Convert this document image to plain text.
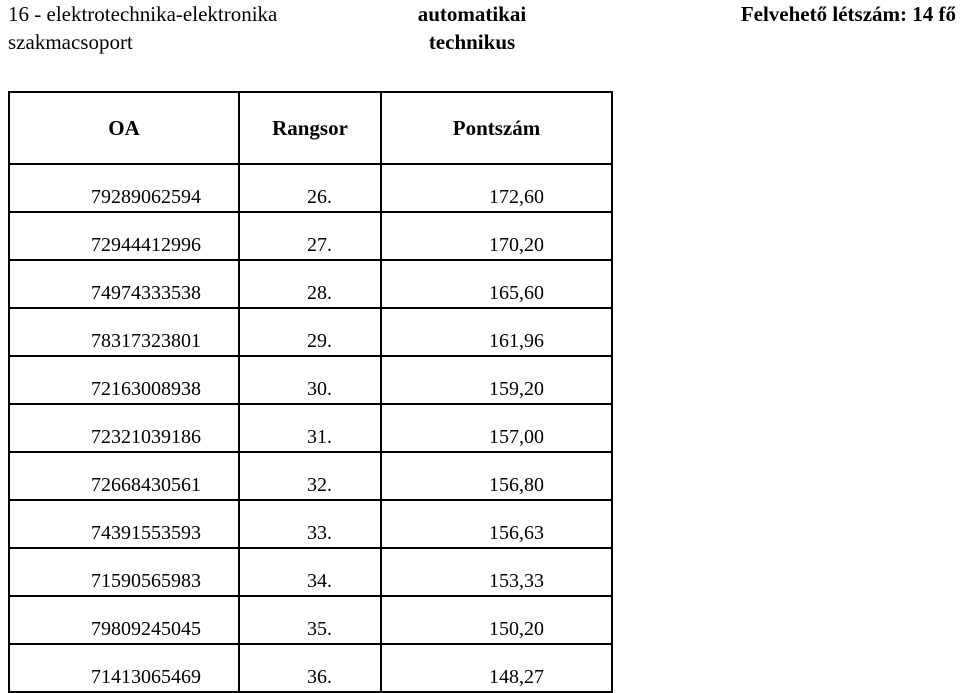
16 - elektrotechnika-elektronika
szakmacsoport
automatikai
technikus
Felvehető létszám: 14 fő
OA	Rangsor	Pontszám
79289062594	26.	172,60
72944412996	27.	170,20
74974333538	28.	165,60
78317323801	29.	161,96
72163008938	30.	159,20
72321039186	31.	157,00
72668430561	32.	156,80
74391553593	33.	156,63
71590565983	34.	153,33
79809245045	35.	150,20
71413065469	36.	148,27
